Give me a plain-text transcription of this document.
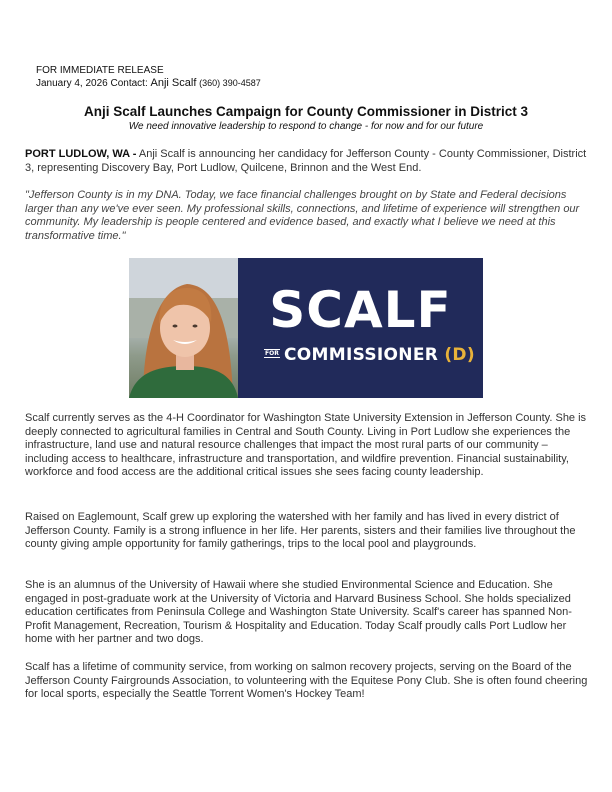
FOR IMMEDIATE RELEASE
January 4, 2026 Contact: Anji Scalf (360) 390-4587
Anji Scalf Launches Campaign for County Commissioner in District 3
We need innovative leadership to respond to change - for now and for our future

PORT LUDLOW, WA - Anji Scalf is announcing her candidacy for Jefferson County - County Commissioner, District 3, representing Discovery Bay, Port Ludlow, Quilcene, Brinnon and the West End.

"Jefferson County is in my DNA. Today, we face financial challenges brought on by State and Federal decisions larger than any we've ever seen. My professional skills, connections, and lifetime of experience will strengthen our community. My leadership is people centered and evidence based, and exactly what I believe we need at this transformative time."

SCALF
FOR COMMISSIONER (D)

Scalf currently serves as the 4-H Coordinator for Washington State University Extension in Jefferson County. She is deeply connected to agricultural families in Central and South County. Living in Port Ludlow she experiences the infrastructure, land use and natural resource challenges that impact the most rural parts of our community – including access to healthcare, infrastructure and transportation, and wildfire prevention. Financial sustainability, workforce and food access are the additional critical issues she sees facing county leadership.

Raised on Eaglemount, Scalf grew up exploring the watershed with her family and has lived in every district of Jefferson County. Family is a strong influence in her life. Her parents, sisters and their families live throughout the county giving ample opportunity for family gatherings, trips to the local pool and playgrounds.

She is an alumnus of the University of Hawaii where she studied Environmental Science and Education. She engaged in post-graduate work at the University of Victoria and Harvard Business School. She holds specialized education certificates from Peninsula College and Washington State University. Scalf's career has spanned Non-Profit Management, Recreation, Tourism & Hospitality and Education. Today Scalf proudly calls Port Ludlow her home with her partner and two dogs.

Scalf has a lifetime of community service, from working on salmon recovery projects, serving on the Board of the Jefferson County Fairgrounds Association, to volunteering with the Equitese Pony Club. She is often found cheering for local sports, especially the Seattle Torrent Women's Hockey Team!
